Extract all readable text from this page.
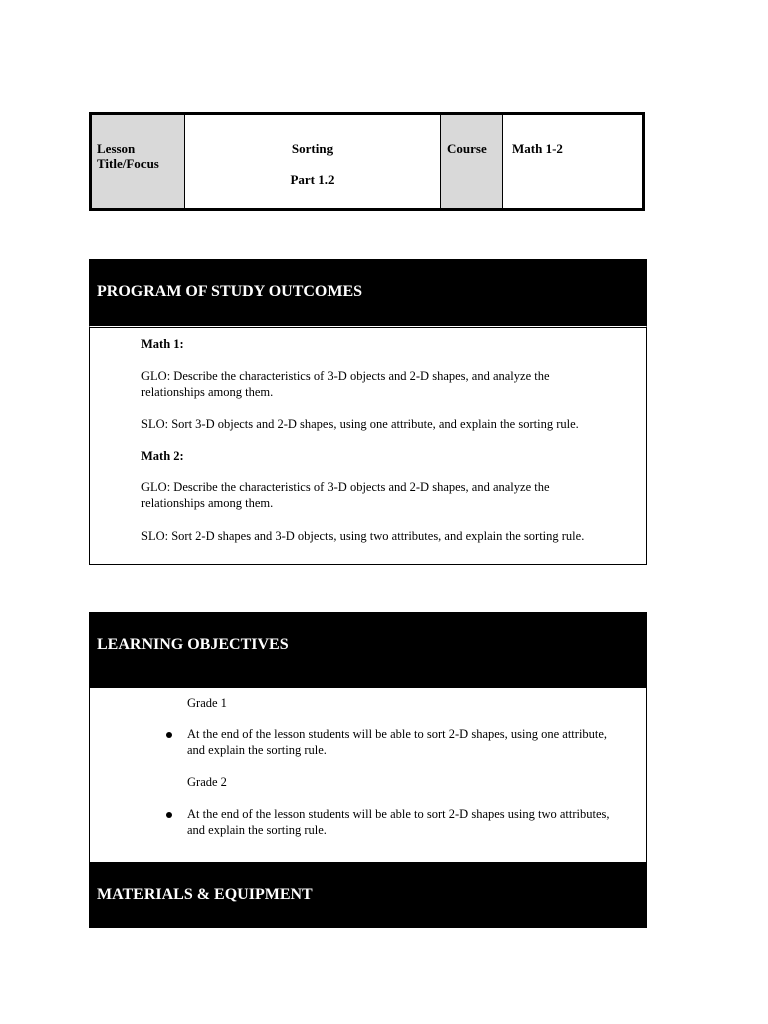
Lesson Title/Focus
Sorting
Part 1.2
Course Math 1-2
PROGRAM OF STUDY OUTCOMES
Math 1:
GLO: Describe the characteristics of 3-D objects and 2-D shapes, and analyze the relationships among them.
SLO: Sort 3-D objects and 2-D shapes, using one attribute, and explain the sorting rule.
Math 2:
GLO: Describe the characteristics of 3-D objects and 2-D shapes, and analyze the relationships among them.
SLO: Sort 2-D shapes and 3-D objects, using two attributes, and explain the sorting rule.
LEARNING OBJECTIVES
Grade 1
At the end of the lesson students will be able to sort 2-D shapes, using one attribute, and explain the sorting rule.
Grade 2
At the end of the lesson students will be able to sort 2-D shapes using two attributes, and explain the sorting rule.
MATERIALS & EQUIPMENT
